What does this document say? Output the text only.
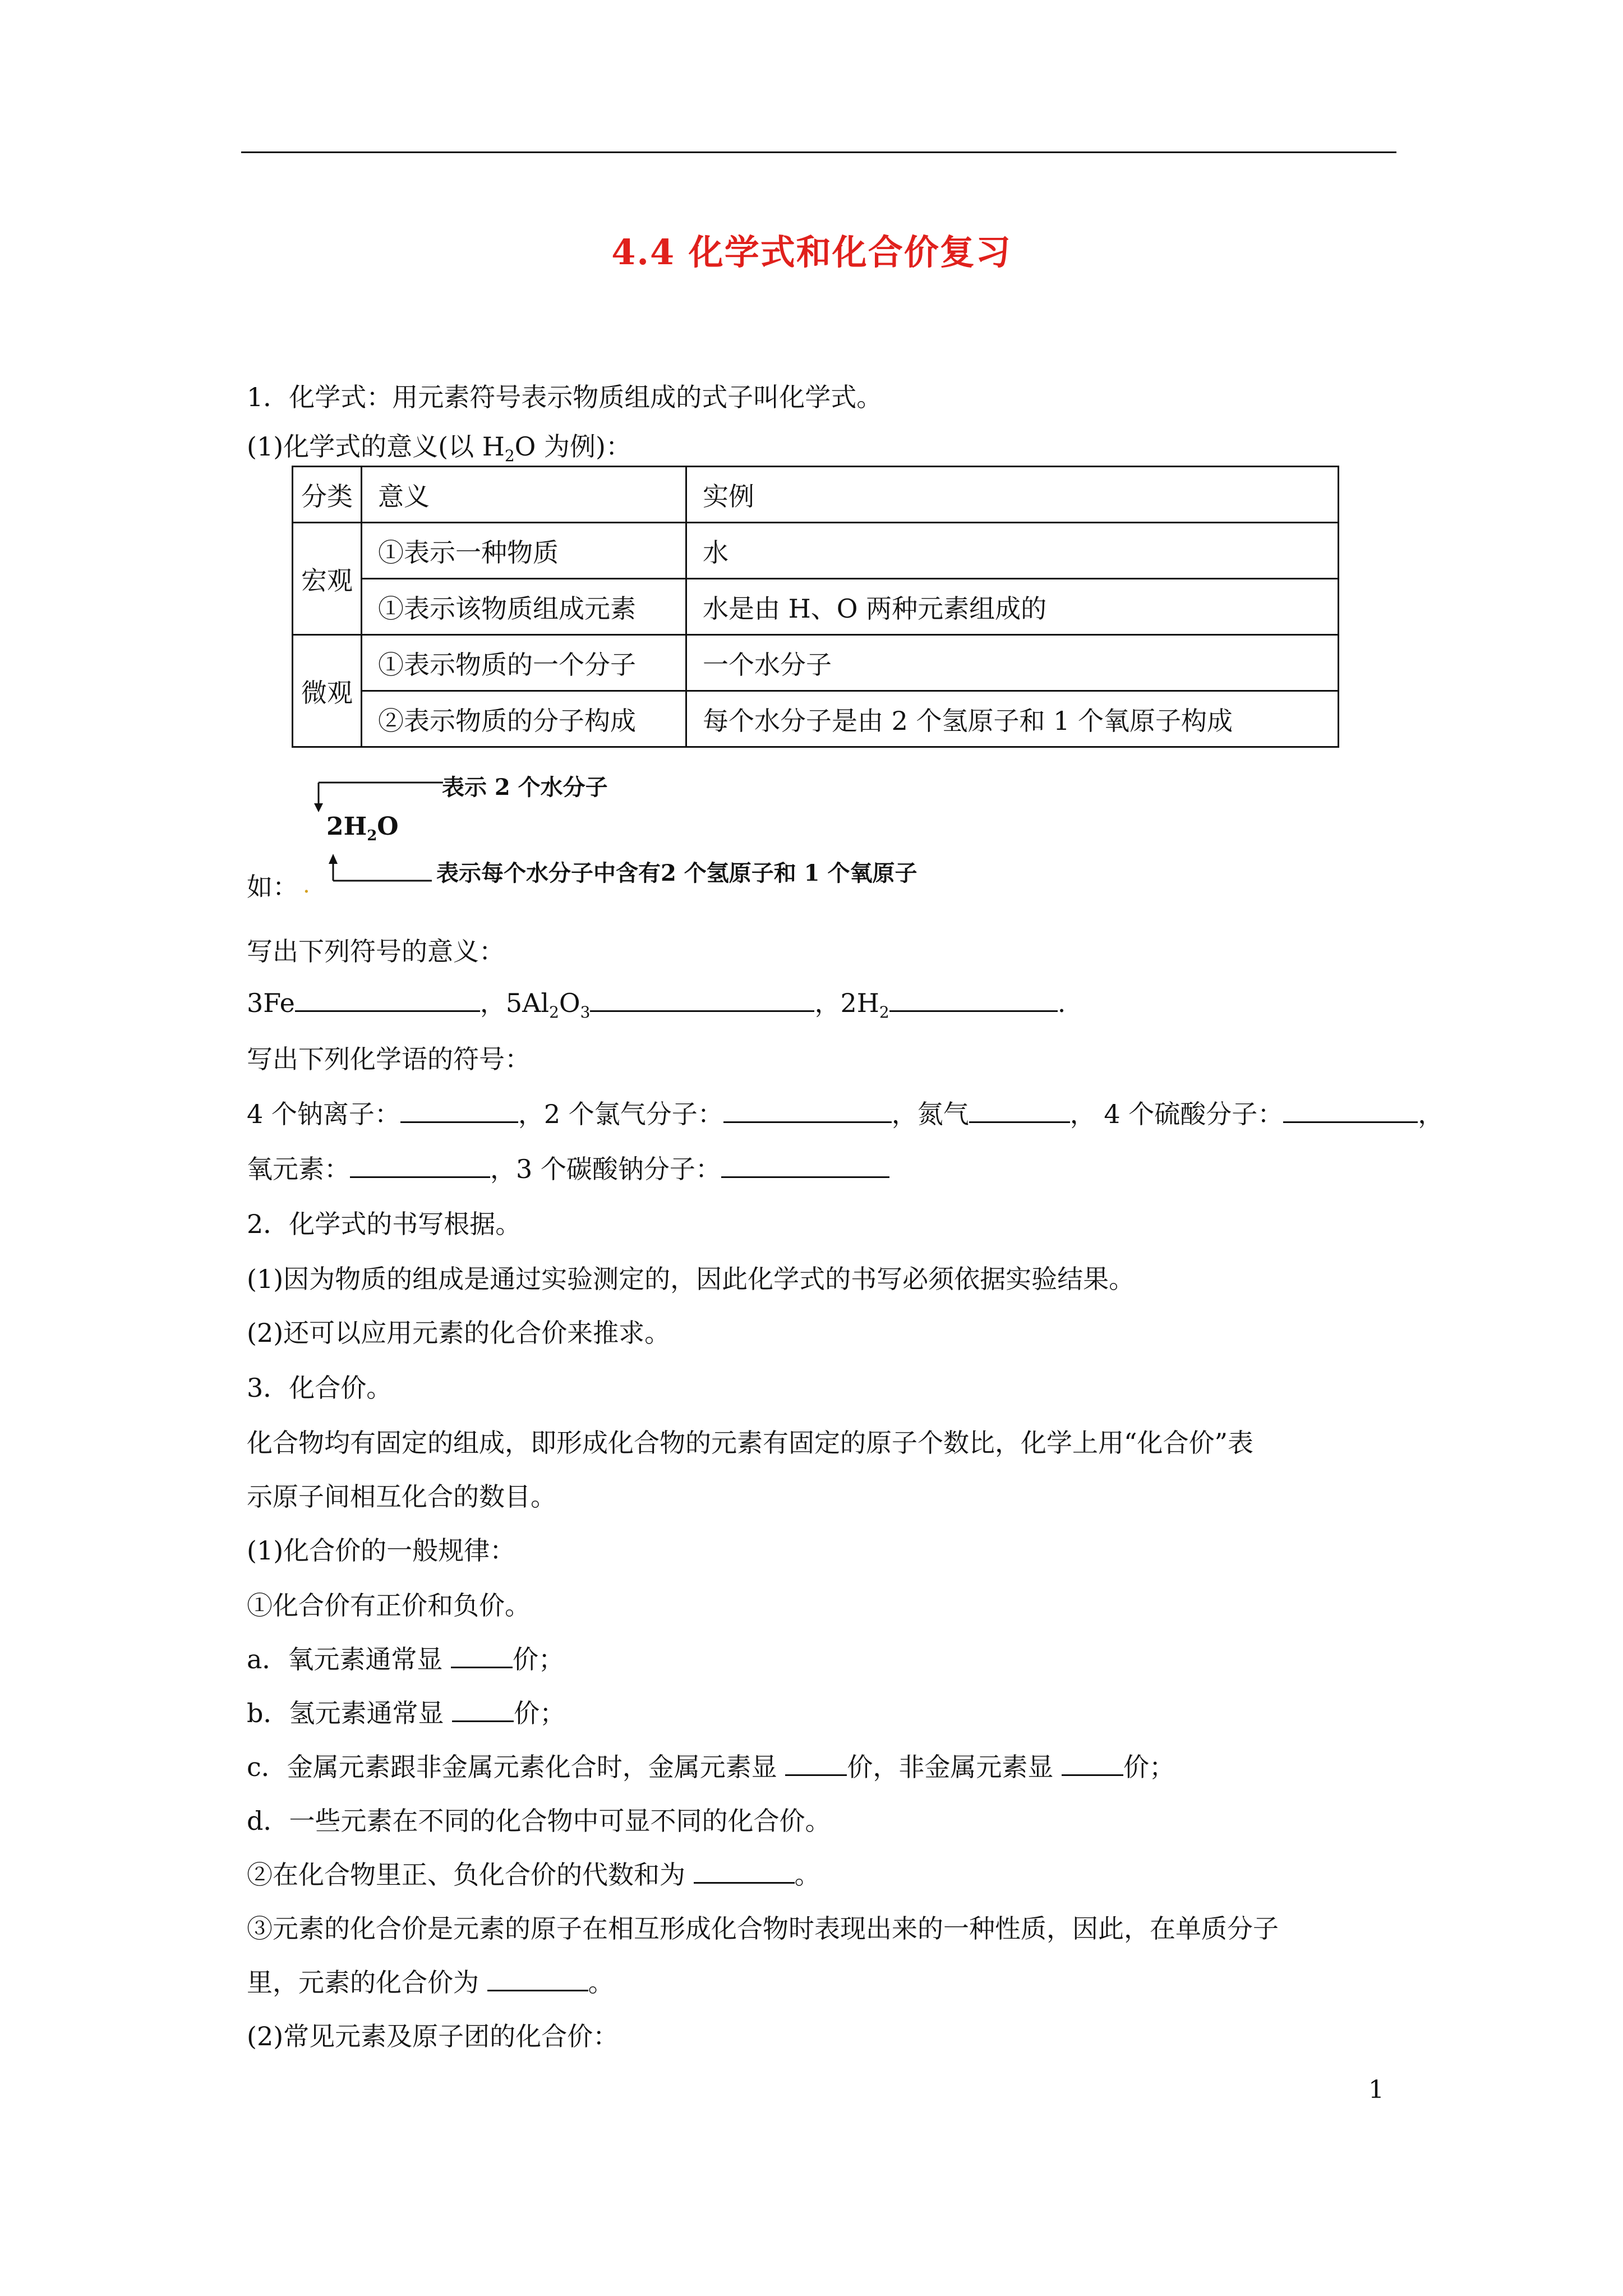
4.4 化学式和化合价复习
1．化学式：用元素符号表示物质组成的式子叫化学式。
(1)化学式的意义(以 $H_2O$ 为例)：
分类	意义	实例
宏观	①表示一种物质	水
	①表示该物质组成元素	水是由 H、O 两种元素组成的
微观	①表示物质的一个分子	一个水分子
	②表示物质的分子构成	每个水分子是由 2 个氢原子和 1 个氧原子构成
表示 2 个水分子
$2H_2O$
表示每个水分子中含有2 个氢原子和 1 个氧原子
如： .
写出下列符号的意义：
3Fe	，$5Al_2O_3$	，$2H_2$	.
写出下列化学语的符号：
4 个钠离子：	，2 个氯气分子：	，氮气	， 4 个硫酸分子：	，
氧元素：	，3 个碳酸钠分子：
2．化学式的书写根据。
(1)因为物质的组成是通过实验测定的，因此化学式的书写必须依据实验结果。
(2)还可以应用元素的化合价来推求。
3．化合价。
化合物均有固定的组成，即形成化合物的元素有固定的原子个数比，化学上用“化合价”表
示原子间相互化合的数目。
(1)化合价的一般规律：
①化合价有正价和负价。
a．氧元素通常显 价；
b．氢元素通常显 价；
c．金属元素跟非金属元素化合时，金属元素显 价，非金属元素显 价；
d．一些元素在不同的化合物中可显不同的化合价。
②在化合物里正、负化合价的代数和为	。
③元素的化合价是元素的原子在相互形成化合物时表现出来的一种性质，因此，在单质分子
里，元素的化合价为	。
(2)常见元素及原子团的化合价：
1
